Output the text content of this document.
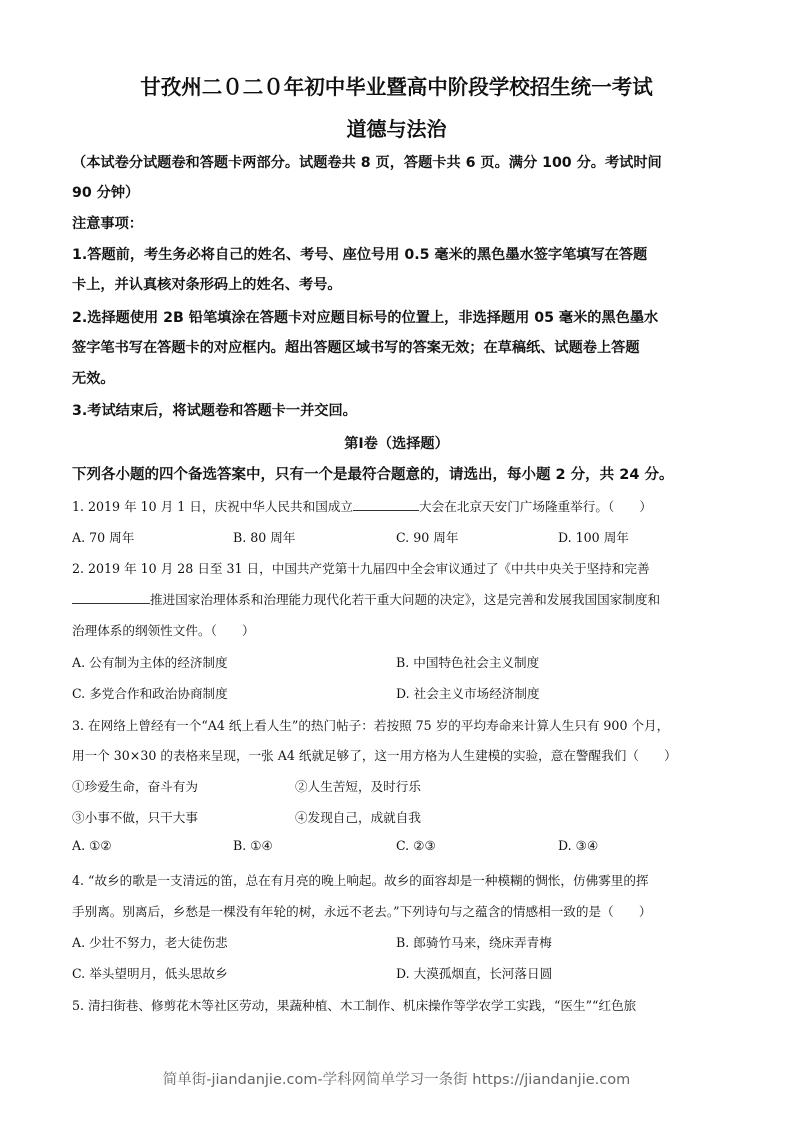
甘孜州二０二０年初中毕业暨高中阶段学校招生统一考试
道德与法治
（本试卷分试题卷和答题卡两部分。试题卷共 8 页，答题卡共 6 页。满分 100 分。考试时间
90 分钟）
注意事项：
1.答题前，考生务必将自己的姓名、考号、座位号用 0.5 毫米的黑色墨水签字笔填写在答题
卡上，并认真核对条形码上的姓名、考号。
2.选择题使用 2B 铅笔填涂在答题卡对应题目标号的位置上，非选择题用 05 毫米的黑色墨水
签字笔书写在答题卡的对应框内。超出答题区域书写的答案无效；在草稿纸、试题卷上答题
无效。
3.考试结束后，将试题卷和答题卡一并交回。
第Ⅰ卷（选择题）
下列各小题的四个备选答案中，只有一个是最符合题意的，请选出，每小题 2 分，共 24 分。
1. 2019 年 10 月 1 日，庆祝中华人民共和国成立	大会在北京天安门广场隆重举行。（　　）
A. 70 周年	B. 80 周年	C. 90 周年	D. 100 周年
2. 2019 年 10 月 28 日至 31 日，中国共产党第十九届四中全会审议通过了《中共中央关于坚持和完善
推进国家治理体系和治理能力现代化若干重大问题的决定》，这是完善和发展我国国家制度和
治理体系的纲领性文件。（　　）
A. 公有制为主体的经济制度	B. 中国特色社会主义制度
C. 多党合作和政治协商制度	D. 社会主义市场经济制度
3. 在网络上曾经有一个“A4 纸上看人生”的热门帖子：若按照 75 岁的平均寿命来计算人生只有 900 个月，
用一个 30×30 的表格来呈现，一张 A4 纸就足够了，这一用方格为人生建模的实验，意在警醒我们（　　）
①珍爱生命，奋斗有为	②人生苦短，及时行乐
③小事不做，只干大事	④发现自己，成就自我
A. ①②	B. ①④	C. ②③	D. ③④
4. “故乡的歌是一支清远的笛，总在有月亮的晚上响起。故乡的面容却是一种模糊的惆怅，仿佛雾里的挥
手别离。别离后，乡愁是一棵没有年轮的树，永远不老去。”下列诗句与之蕴含的情感相一致的是（　　）
A. 少壮不努力，老大徒伤悲	B. 郎骑竹马来，绕床弄青梅
C. 举头望明月，低头思故乡	D. 大漠孤烟直，长河落日圆
5. 清扫街巷、修剪花木等社区劳动，果蔬种植、木工制作、机床操作等学农学工实践，“医生”“红色旅
简单街-jiandanjie.com-学科网简单学习一条街 https://jiandanjie.com
